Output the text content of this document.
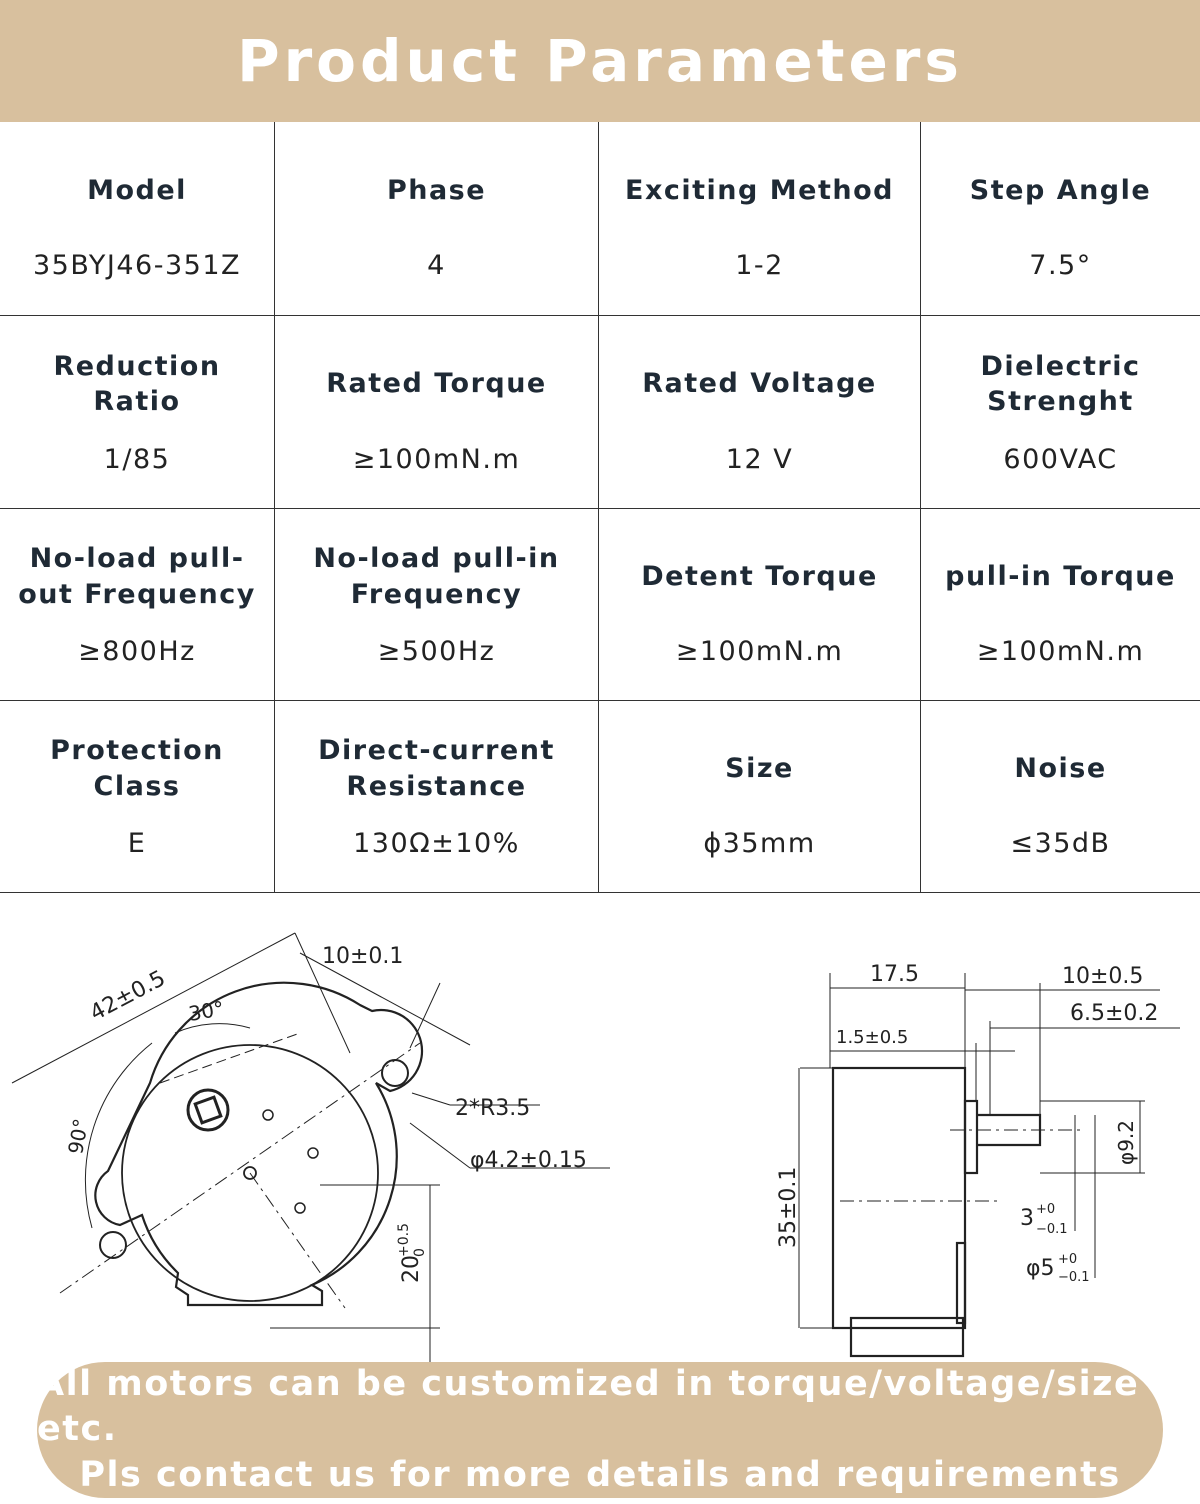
Product Parameters
Model
35BYJ46-351Z
Phase
4
Exciting Method
1-2
Step Angle
7.5°
Reduction Ratio
1/85
Rated Torque
≥100mN.m
Rated Voltage
12 V
Dielectric Strenght
600VAC
No-load pull-out Frequency
≥800Hz
No-load pull-in Frequency
≥500Hz
Detent Torque
≥100mN.m
pull-in Torque
≥100mN.m
Protection Class
E
Direct-current Resistance
130Ω±10%
Size
ϕ35mm
Noise
≤35dB
42±0.5 30°
90°
10±0.1
2*R3.5
φ4.2±0.15
20
+0.5 0
17.5
1.5±0.5
10±0.5
6.5±0.2
35±0.1
φ9.2
3 +0
−0.1
φ5 +0
−0.1
All motors can be customized in torque/voltage/size etc.
Pls contact us for more details and requirements
